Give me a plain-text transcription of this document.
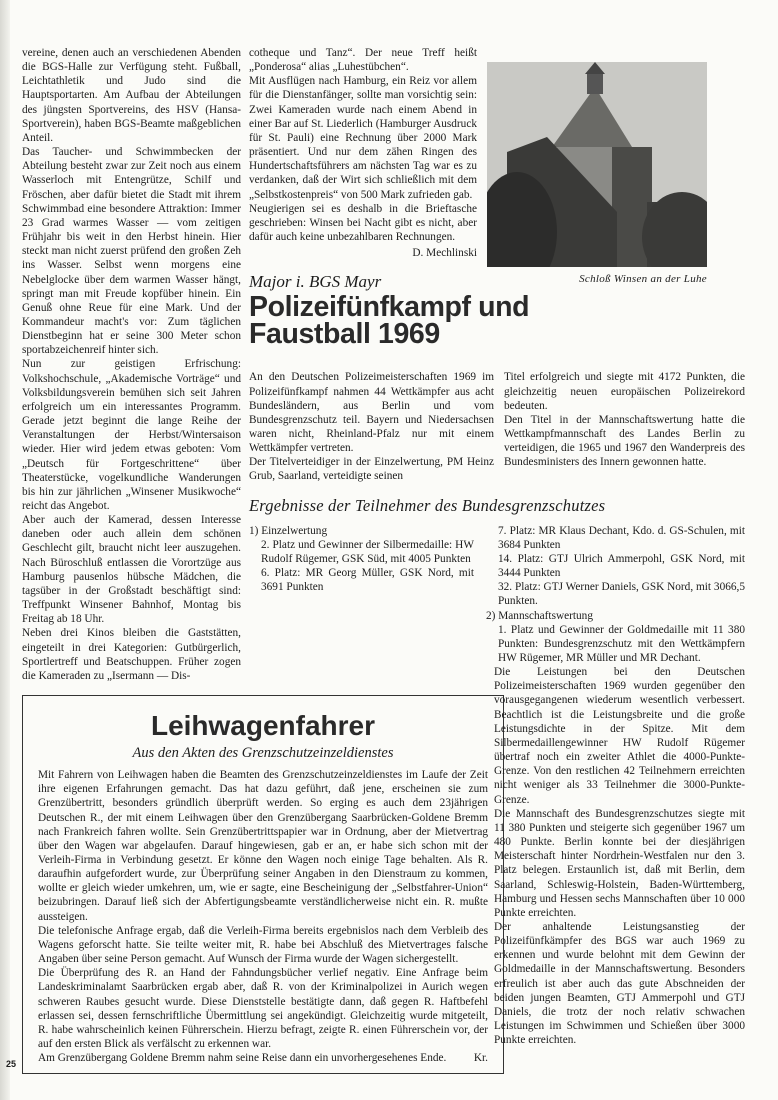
vereine, denen auch an verschiedenen Abenden die BGS-Halle zur Verfügung steht. Fußball, Leichtathletik und Judo sind die Hauptsportarten. Am Aufbau der Abteilungen des jüngsten Sportvereins, des HSV (Hansa-Sportverein), haben BGS-Beamte maßgeblichen Anteil.

Das Taucher- und Schwimmbecken der Abteilung besteht zwar zur Zeit noch aus einem Wasserloch mit Entengrütze, Schilf und Fröschen, aber dafür bietet die Stadt mit ihrem Schwimmbad eine besondere Attraktion: Immer 23 Grad warmes Wasser — vom zeitigen Frühjahr bis weit in den Herbst hinein. Hier steckt man nicht zuerst prüfend den großen Zeh ins Wasser. Selbst wenn morgens eine Nebelglocke über dem warmen Wasser hängt, springt man mit Freude kopfüber hinein. Ein Genuß ohne Reue für eine Mark. Und der Kommandeur macht's vor: Zum täglichen Dienstbeginn hat er seine 300 Meter schon sportabzeichenreif hinter sich.

Nun zur geistigen Erfrischung: Volkshochschule, „Akademische Vorträge“ und Volksbildungsverein bemühen sich seit Jahren erfolgreich um ein interessantes Programm. Gerade jetzt beginnt die lange Reihe der Veranstaltungen der Herbst/Wintersaison wieder. Hier wird jedem etwas geboten: Vom „Deutsch für Fortgeschrittene“ über Theaterstücke, vogelkundliche Wanderungen bis hin zur jährlichen „Winsener Musikwoche“ reicht das Angebot.

Aber auch der Kamerad, dessen Interesse daneben oder auch allein dem schönen Geschlecht gilt, braucht nicht leer auszugehen. Nach Büroschluß entlassen die Vorortzüge aus Hamburg pausenlos hübsche Mädchen, die tagsüber in der Großstadt beschäftigt sind: Treffpunkt Winsener Bahnhof, Montag bis Freitag ab 18 Uhr.

Neben drei Kinos bleiben die Gaststätten, eingeteilt in drei Kategorien: Gutbürgerlich, Sportlertreff und Beatschuppen. Früher zogen die Kameraden zu „Isermann — Dis-

Leihwagenfahrer
Aus den Akten des Grenzschutzeinzeldienstes

Mit Fahrern von Leihwagen haben die Beamten des Grenzschutzeinzeldienstes im Laufe der Zeit ihre eigenen Erfahrungen gemacht. Das hat dazu geführt, daß jene, erscheinen sie zum Grenzübertritt, besonders gründlich überprüft werden. So erging es auch dem 23jährigen Deutschen R., der mit einem Leihwagen über den Grenzübergang Saarbrücken-Goldene Bremm nach Frankreich fahren wollte. Sein Grenzübertrittspapier war in Ordnung, aber der Mietvertrag über den Wagen war abgelaufen. Darauf hingewiesen, gab er an, er habe sich schon mit der Verleih-Firma in Verbindung gesetzt. Er könne den Wagen noch einige Tage behalten. Als R. daraufhin aufgefordert wurde, zur Überprüfung seiner Angaben in den Dienstraum zu kommen, wollte er gleich wieder umkehren, um, wie er sagte, eine Bescheinigung der „Selbstfahrer-Union“ beizubringen. Darauf ließ sich der Abfertigungsbeamte verständlicherweise nicht ein. R. mußte aussteigen.

Die telefonische Anfrage ergab, daß die Verleih-Firma bereits ergebnislos nach dem Verbleib des Wagens geforscht hatte. Sie teilte weiter mit, R. habe bei Abschluß des Mietvertrages falsche Angaben über seine Person gemacht. Auf Wunsch der Firma wurde der Wagen sichergestellt.

Die Überprüfung des R. an Hand der Fahndungsbücher verlief negativ. Eine Anfrage beim Landeskriminalamt Saarbrücken ergab aber, daß R. von der Kriminalpolizei in Aurich wegen schweren Raubes gesucht wurde. Diese Dienststelle bestätigte dann, daß gegen R. Haftbefehl erlassen sei, dessen fernschriftliche Übermittlung sei angekündigt. Gleichzeitig wurde mitgeteilt, R. habe wahrscheinlich keinen Führerschein. Hierzu befragt, zeigte R. einen Führerschein vor, der auf den ersten Blick als verfälscht zu erkennen war.

Am Grenzübergang Goldene Bremm nahm seine Reise dann ein unvorhergesehenes Ende. Kr.
Schloß Winsen an der Luhe

cotheque und Tanz“. Der neue Treff heißt „Ponderosa“ alias „Luhestübchen“.

Mit Ausflügen nach Hamburg, ein Reiz vor allem für die Dienstanfänger, sollte man vorsichtig sein: Zwei Kameraden wurde nach einem Abend in einer Bar auf St. Liederlich (Hamburger Ausdruck für St. Pauli) eine Rechnung über 2000 Mark präsentiert. Und nur dem zähen Ringen des Hundertschaftsführers am nächsten Tag war es zu verdanken, daß der Wirt sich schließlich mit dem „Selbstkostenpreis“ von 500 Mark zufrieden gab.

Neugierigen sei es deshalb in die Brieftasche geschrieben: Winsen bei Nacht gibt es nicht, aber dafür auch keine unbezahlbaren Rechnungen.

D. Mechlinski

Major i. BGS Mayr
Polizeifünfkampf und
Faustball 1969

An den Deutschen Polizeimeisterschaften 1969 im Polizeifünfkampf nahmen 44 Wettkämpfer aus acht Bundesländern, aus Berlin und vom Bundesgrenzschutz teil. Bayern und Niedersachsen waren nicht, Rheinland-Pfalz nur mit einem Wettkämpfer vertreten.

Der Titelverteidiger in der Einzelwertung, PM Heinz Grub, Saarland, verteidigte seinen

Titel erfolgreich und siegte mit 4172 Punkten, die gleichzeitig neuen europäischen Polizeirekord bedeuten.

Den Titel in der Mannschaftswertung hatte die Wettkampfmannschaft des Landes Berlin zu verteidigen, die 1965 und 1967 den Wanderpreis des Bundesministers des Innern gewonnen hatte.

Ergebnisse der Teilnehmer des Bundesgrenzschutzes

1) Einzelwertung

2. Platz und Gewinner der Silbermedaille: HW Rudolf Rügemer, GSK Süd, mit 4005 Punkten

6. Platz: MR Georg Müller, GSK Nord, mit 3691 Punkten

7. Platz: MR Klaus Dechant, Kdo. d. GS-Schulen, mit 3684 Punkten

14. Platz: GTJ Ulrich Ammerpohl, GSK Nord, mit 3444 Punkten

32. Platz: GTJ Werner Daniels, GSK Nord, mit 3066,5 Punkten.

2) Mannschaftswertung

1. Platz und Gewinner der Goldmedaille mit 11 380 Punkten: Bundesgrenzschutz mit den Wettkämpfern HW Rügemer, MR Müller und MR Dechant.

Die Leistungen bei den Deutschen Polizeimeisterschaften 1969 wurden gegenüber den vorausgegangenen wiederum wesentlich verbessert. Beachtlich ist die Leistungsbreite und die große Leistungsdichte in der Spitze. Mit dem Silbermedaillengewinner HW Rudolf Rügemer übertraf noch ein zweiter Athlet die 4000-Punkte-Grenze. Von den restlichen 42 Teilnehmern erreichten nicht weniger als 33 Teilnehmer die 3000-Punkte-Grenze.

Die Mannschaft des Bundesgrenzschutzes siegte mit 11 380 Punkten und steigerte sich gegenüber 1967 um 480 Punkte. Berlin konnte bei der diesjährigen Meisterschaft hinter Nordrhein-Westfalen nur den 3. Platz belegen. Erstaunlich ist, daß mit Berlin, dem Saarland, Schleswig-Holstein, Baden-Württemberg, Hamburg und Hessen sechs Mannschaften über 10 000 Punkte erreichten.

Der anhaltende Leistungsanstieg der Polizeifünfkämpfer des BGS war auch 1969 zu erkennen und wurde belohnt mit dem Gewinn der Goldmedaille in der Mannschaftswertung. Besonders erfreulich ist aber auch das gute Abschneiden der beiden jungen Beamten, GTJ Ammerpohl und GTJ Daniels, die trotz der noch relativ schwachen Leistungen im Schwimmen und Schießen über 3000 Punkte erreichten.

25
